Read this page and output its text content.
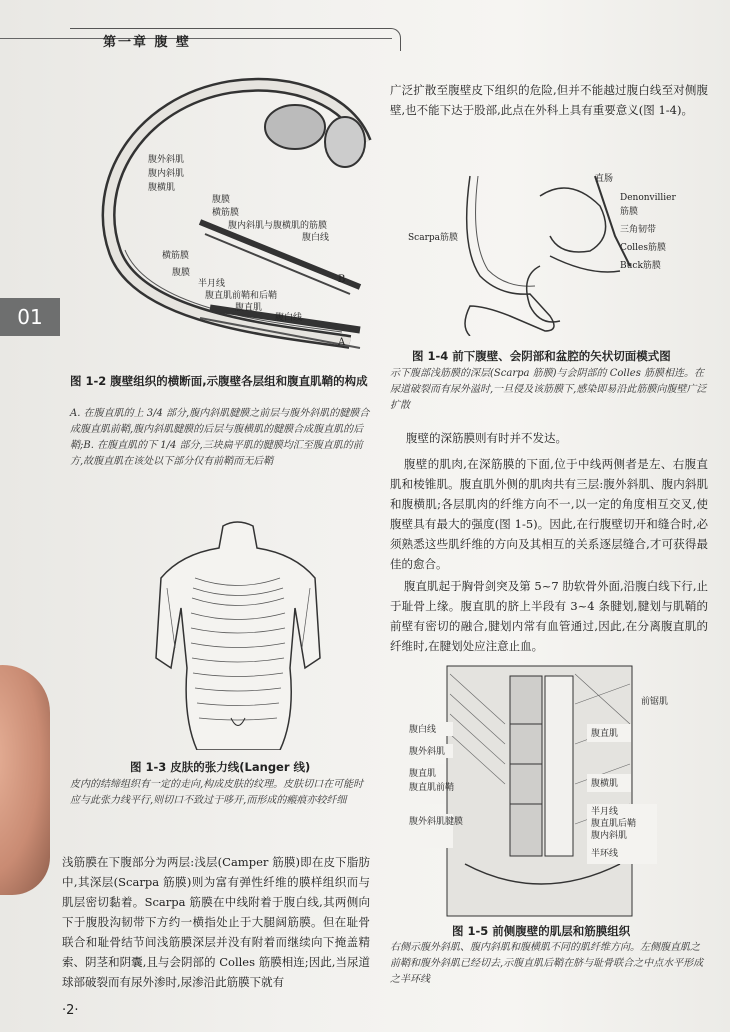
第一章 腹 壁
01
腹外斜肌
腹内斜肌
腹横肌
腹膜
横筋膜
腹内斜肌与腹横肌的筋膜
腹白线
横筋膜
腹膜
半月线
腹直肌前鞘和后鞘
腹直肌
腹白线
B
A
图 1-2 腹壁组织的横断面,示腹壁各层组和腹直肌鞘的构成
A. 在腹直肌的上 3/4 部分,腹内斜肌腱膜之前层与腹外斜肌的腱膜合成腹直肌前鞘,腹内斜肌腱膜的后层与腹横肌的腱膜合成腹直肌的后鞘;B. 在腹直肌的下 1/4 部分,三块扁平肌的腱膜均汇至腹直肌的前方,故腹直肌在该处以下部分仅有前鞘而无后鞘
图 1-3 皮肤的张力线(Langer 线)
皮内的结缔组织有一定的走向,构成皮肤的纹理。皮肤切口在可能时应与此张力线平行,则切口不致过于哆开,而形成的瘢痕亦较纤细
浅筋膜在下腹部分为两层:浅层(Camper 筋膜)即在皮下脂肪中,其深层(Scarpa 筋膜)则为富有弹性纤维的膜样组织而与肌层密切黏着。Scarpa 筋膜在中线附着于腹白线,其两侧向下于腹股沟韧带下方约一横指处止于大腿阔筋膜。但在耻骨联合和耻骨结节间浅筋膜深层并没有附着而继续向下掩盖精索、阴茎和阴囊,且与会阴部的 Colles 筋膜相连;因此,当尿道球部破裂而有尿外渗时,尿渗沿此筋膜下就有
广泛扩散至腹壁皮下组织的危险,但并不能越过腹白线至对侧腹壁,也不能下达于股部,此点在外科上具有重要意义(图 1-4)。
直肠
Denonvillier
筋膜
三角韧带
Colles筋膜
Buck筋膜
Scarpa筋膜
图 1-4 前下腹壁、会阴部和盆腔的矢状切面模式图
示下腹部浅筋膜的深层(Scarpa 筋膜)与会阴部的 Colles 筋膜相连。在尿道破裂而有尿外溢时,一旦侵及该筋膜下,感染即易沿此筋膜向腹壁广泛扩散
腹壁的深筋膜则有时并不发达。
腹壁的肌肉,在深筋膜的下面,位于中线两侧者是左、右腹直肌和棱锥肌。腹直肌外侧的肌肉共有三层:腹外斜肌、腹内斜肌和腹横肌;各层肌肉的纤维方向不一,以一定的角度相互交叉,使腹壁具有最大的强度(图 1-5)。因此,在行腹壁切开和缝合时,必须熟悉这些肌纤维的方向及其相互的关系逐层缝合,才可获得最佳的愈合。
腹直肌起于胸骨剑突及第 5~7 肋软骨外面,沿腹白线下行,止于耻骨上缘。腹直肌的脐上半段有 3~4 条腱划,腱划与肌鞘的前壁有密切的融合,腱划内常有血管通过,因此,在分离腹直肌的纤维时,在腱划处应注意止血。
腹白线
腹外斜肌
腹直肌
腹直肌前鞘
腹外斜肌腱膜
前锯肌
腹直肌
腹横肌
半月线
腹直肌后鞘
腹内斜肌
半环线
图 1-5 前侧腹壁的肌层和筋膜组织
右侧示腹外斜肌、腹内斜肌和腹横肌不同的肌纤维方向。左侧腹直肌之前鞘和腹外斜肌已经切去,示腹直肌后鞘在脐与耻骨联合之中点水平形成之半环线
·2·
